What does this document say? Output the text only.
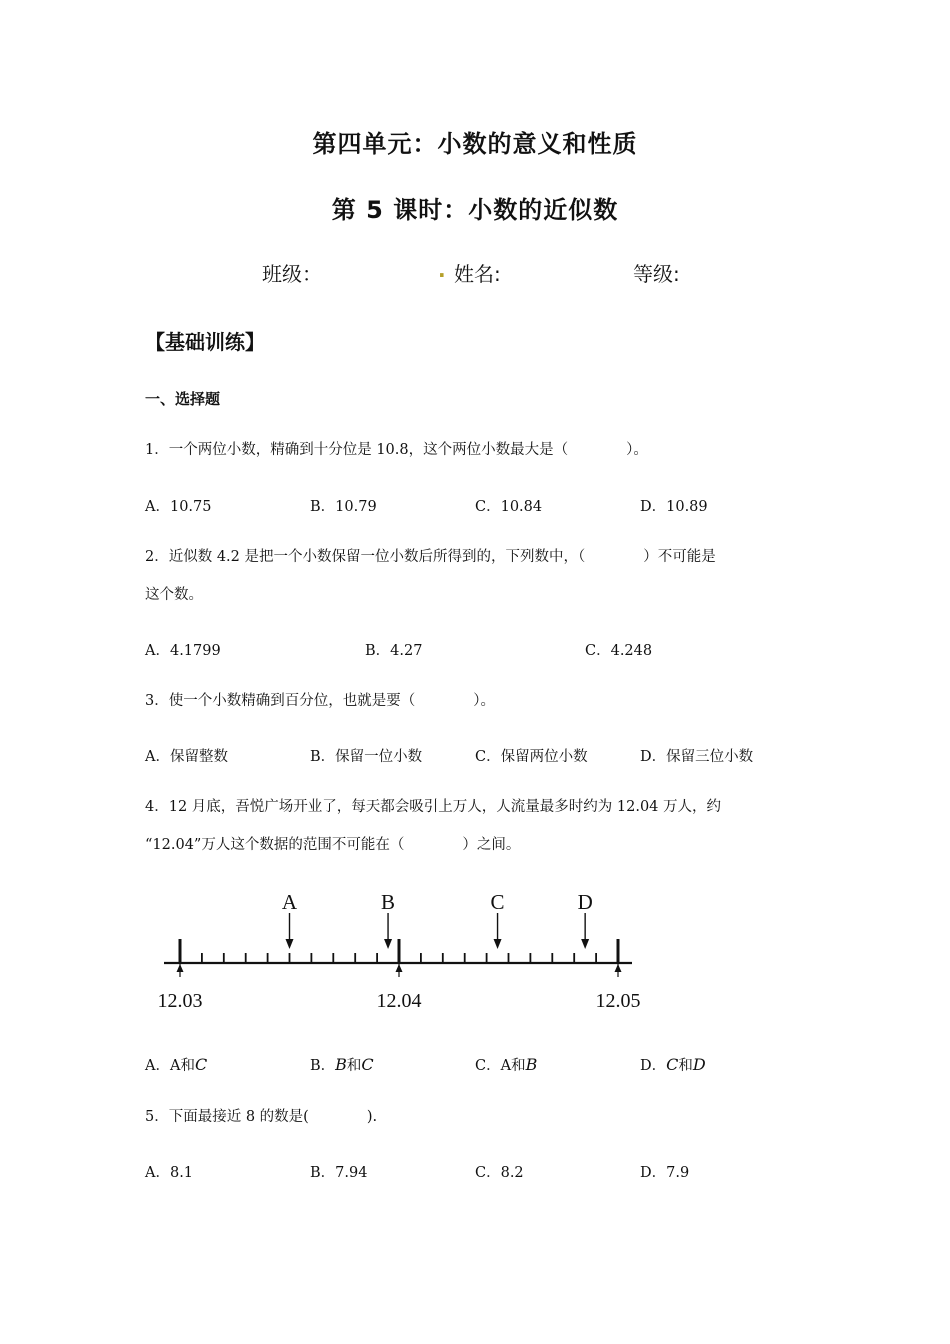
第四单元：小数的意义和性质
第 5 课时：小数的近似数
班级：	. 姓名:	等级:
【基础训练】
一、选择题
1．一个两位小数，精确到十分位是 10.8，这个两位小数最大是（　　　　）。
A．10.75	B．10.79	C．10.84	D．10.89
2．近似数 4.2 是把一个小数保留一位小数后所得到的，下列数中，（　　　　）不可能是
这个数。
A．4.1799	B．4.27	C．4.248
3．使一个小数精确到百分位，也就是要（　　　　）。
A．保留整数	B．保留一位小数	C．保留两位小数	D．保留三位小数
4．12 月底，吾悦广场开业了，每天都会吸引上万人，人流量最多时约为 12.04 万人，约
“12.04”万人这个数据的范围不可能在（　　　　）之间。
12.03	12.04	12.05
A	B	C	D
A．A和C	B．B和C	C．A和B	D．C和D
5．下面最接近 8 的数是(　　　　).
A．8.1	B．7.94	C．8.2	D．7.9
